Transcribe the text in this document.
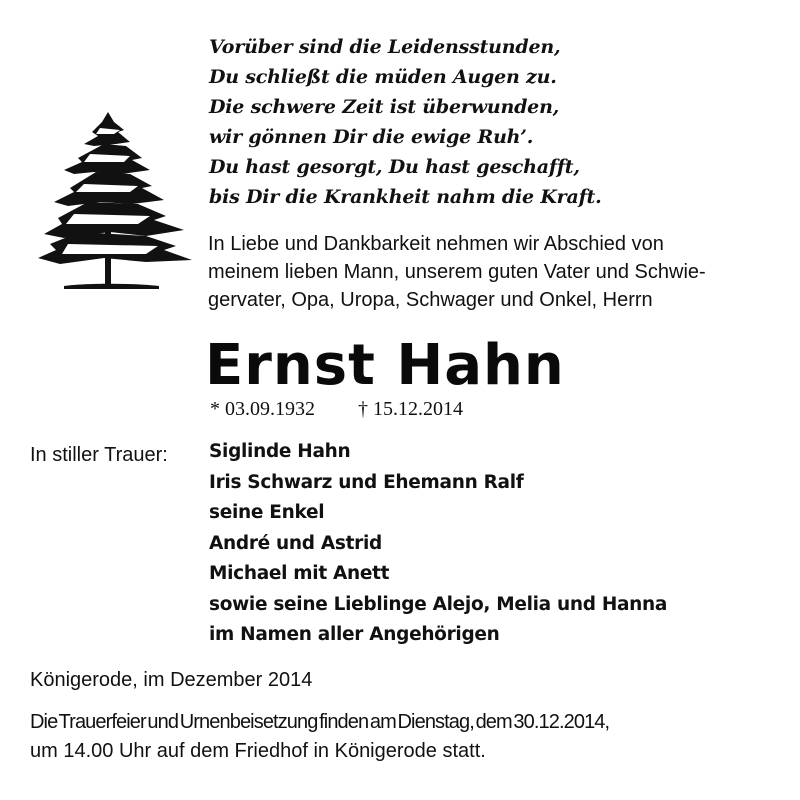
Vorüber sind die Leidensstunden,
Du schließt die müden Augen zu.
Die schwere Zeit ist überwunden,
wir gönnen Dir die ewige Ruh’.
Du hast gesorgt, Du hast geschafft,
bis Dir die Krankheit nahm die Kraft.
In Liebe und Dankbarkeit nehmen wir Abschied von
meinem lieben Mann, unserem guten Vater und Schwie-
gervater, Opa, Uropa, Schwager und Onkel, Herrn
Ernst Hahn
* 03.09.1932 † 15.12.2014
In stiller Trauer: Siglinde Hahn
Iris Schwarz und Ehemann Ralf
seine Enkel
André und Astrid
Michael mit Anett
sowie seine Lieblinge Alejo, Melia und Hanna
im Namen aller Angehörigen
Königerode, im Dezember 2014
Die Trauerfeier und Urnenbeisetzung finden am Dienstag, dem 30.12.2014,
um 14.00 Uhr auf dem Friedhof in Königerode statt.
